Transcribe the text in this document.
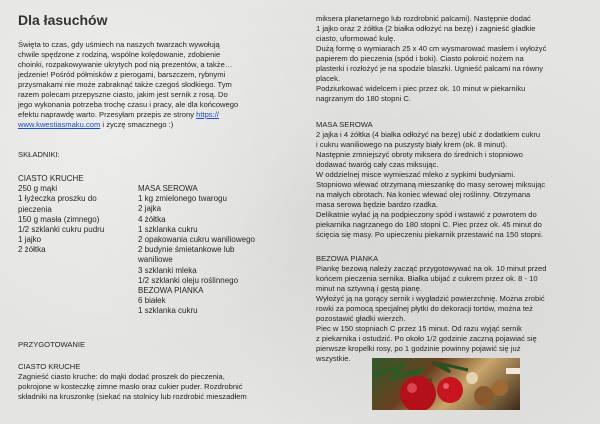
Dla łasuchów
Święta to czas, gdy uśmiech na naszych twarzach wywołują
chwile spędzone z rodziną, wspólne kolędowanie, zdobienie
choinki, rozpakowywanie ukrytych pod nią prezentów, a także…
jedzenie! Pośród półmisków z pierogami, barszczem, rybnymi
przysmakami nie może zabraknąć także czegoś słodkiego. Tym
razem polecam przepyszne ciasto, jakim jest sernik z rosą. Do
jego wykonania potrzeba trochę czasu i pracy, ale dla końcowego
efektu naprawdę warto. Przesyłam przepis ze strony https://
www.kwestiasmaku.com i życzę smacznego :)
SKŁADNIKI:
CIASTO KRUCHE
250 g mąki
1 łyżeczka proszku do
pieczenia
150 g masła (zimnego)
1/2 szklanki cukru pudru
1 jajko
2 żółtka
MASA SEROWA
1 kg zmielonego twarogu
2 jajka
4 żółtka
1 szklanka cukru
2 opakowania cukru waniliowego
2 budynie śmietankowe lub
waniliowe
3 szklanki mleka
1/2 szklanki oleju roślinnego
BEZOWA PIANKA
6 białek
1 szklanka cukru
PRZYGOTOWANIE
CIASTO KRUCHE
Zagnieść ciasto kruche: do mąki dodać proszek do pieczenia,
pokrojone w kosteczkę zimne masło oraz cukier puder. Rozdrobnić
składniki na kruszonkę (siekać na stolnicy lub rozdrobić mieszadłem
miksera planetarnego lub rozdrobnić palcami). Następnie dodać
1 jajko oraz 2 żółtka (2 białka odłożyć na bezę) i zagnieść gładkie
ciasto, uformować kulę.
Dużą formę o wymiarach 25 x 40 cm wysmarować masłem i wyłożyć
papierem do pieczenia (spód i boki). Ciasto pokroić nożem na
plasterki i rozłożyć je na spodzie blaszki. Ugnieść palcami na równy
placek.
Podziurkować widelcem i piec przez ok. 10 minut w piekarniku
nagrzanym do 180 stopni C.
MASA SEROWA
2 jajka i 4 żółtka (4 białka odłożyć na bezę) ubić z dodatkiem cukru
i cukru waniliowego na puszysty biały krem (ok. 8 minut).
Następnie zmniejszyć obroty miksera do średnich i stopniowo
dodawać twaróg cały czas miksując.
W oddzielnej misce wymieszać mleko z sypkimi budyniami.
Stopniowo wlewać otrzymaną mieszankę do masy serowej miksując
na małych obrotach. Na koniec wlewać olej roślinny. Otrzymana
masa serowa będzie bardzo rzadka.
Delikatnie wylać ją na podpieczony spód i wstawić z powrotem do
piekarnika nagrzanego do 180 stopni C. Piec przez ok. 45 minut do
ścięcia się masy. Po upieczeniu piekarnik przestawić na 150 stopni.
BEZOWA PIANKA
Piankę bezową należy zacząć przygotowywać na ok. 10 minut przed
końcem pieczenia sernika. Białka ubijać z cukrem przez ok. 8 - 10
minut na sztywną i gęstą pianę.
Wyłożyć ją na gorący sernik i wygładzić powierzchnię. Można zrobić
rowki za pomocą specjalnej płytki do dekoracji tortów, można też
pozostawić gładki wierzch.
Piec w 150 stopniach C przez 15 minut. Od razu wyjąć sernik
z piekarnika i ostudzić. Po około 1/2 godzinie zaczną pojawiać się
pierwsze kropelki rosy, po 1 godzinie powinny pojawić się już
wszystkie.
